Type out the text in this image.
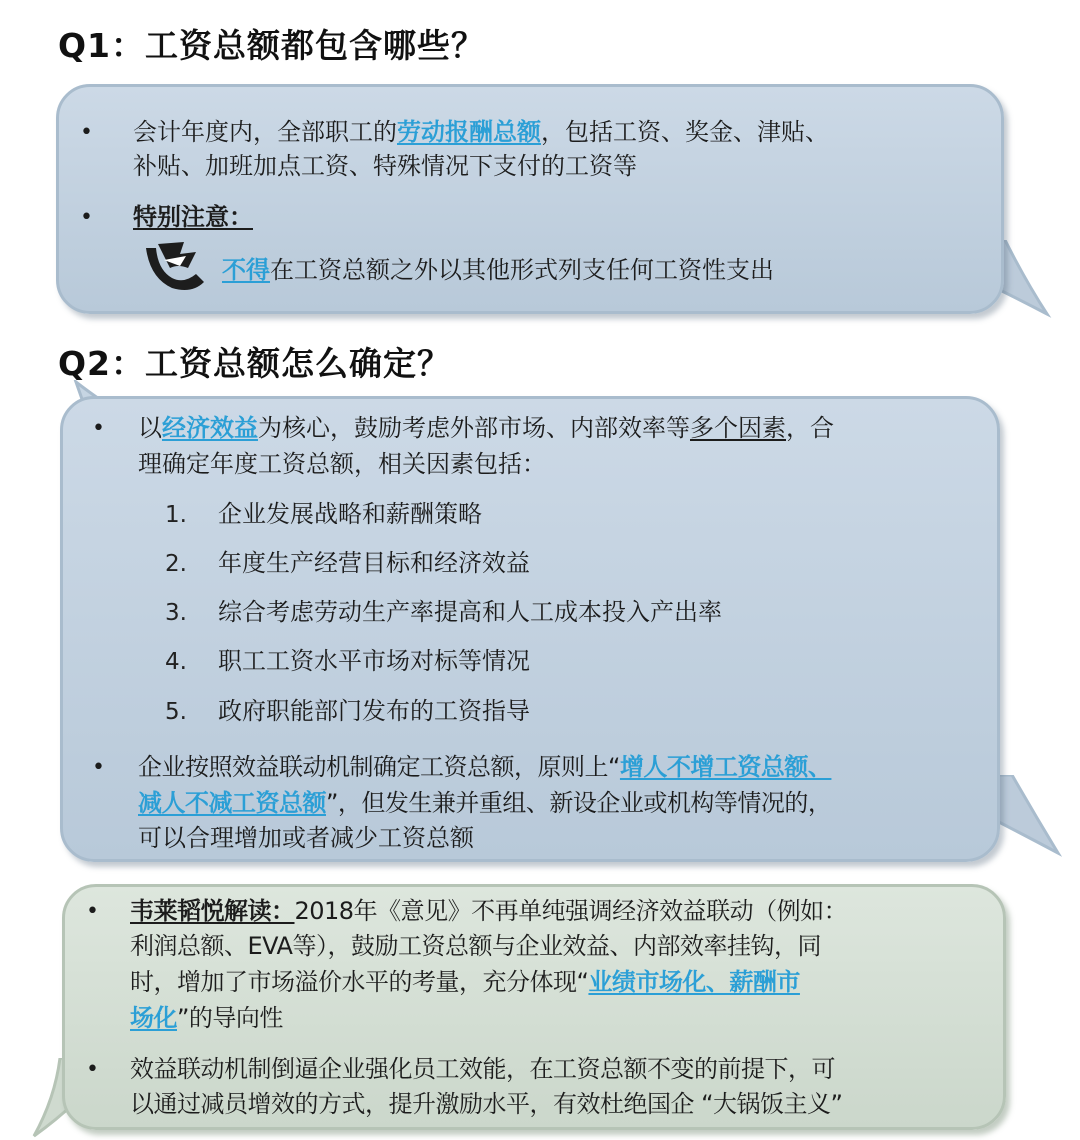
Q1：工资总额都包含哪些？
• 会计年度内，全部职工的劳动报酬总额，包括工资、奖金、津贴、
补贴、加班加点工资、特殊情况下支付的工资等
• 特别注意：
不得在工资总额之外以其他形式列支任何工资性支出
Q2：工资总额怎么确定？
• 以经济效益为核心，鼓励考虑外部市场、内部效率等多个因素，合
理确定年度工资总额，相关因素包括：
1. 企业发展战略和薪酬策略
2. 年度生产经营目标和经济效益
3. 综合考虑劳动生产率提高和人工成本投入产出率
4. 职工工资水平市场对标等情况
5. 政府职能部门发布的工资指导
• 企业按照效益联动机制确定工资总额，原则上“增人不增工资总额、
减人不减工资总额”，但发生兼并重组、新设企业或机构等情况的，
可以合理增加或者减少工资总额
• 韦莱韬悦解读：2018年《意见》不再单纯强调经济效益联动（例如：
利润总额、EVA等），鼓励工资总额与企业效益、内部效率挂钩，同
时，增加了市场溢价水平的考量，充分体现“业绩市场化、薪酬市
场化”的导向性
• 效益联动机制倒逼企业强化员工效能，在工资总额不变的前提下，可
以通过减员增效的方式，提升激励水平，有效杜绝国企 “大锅饭主义”
